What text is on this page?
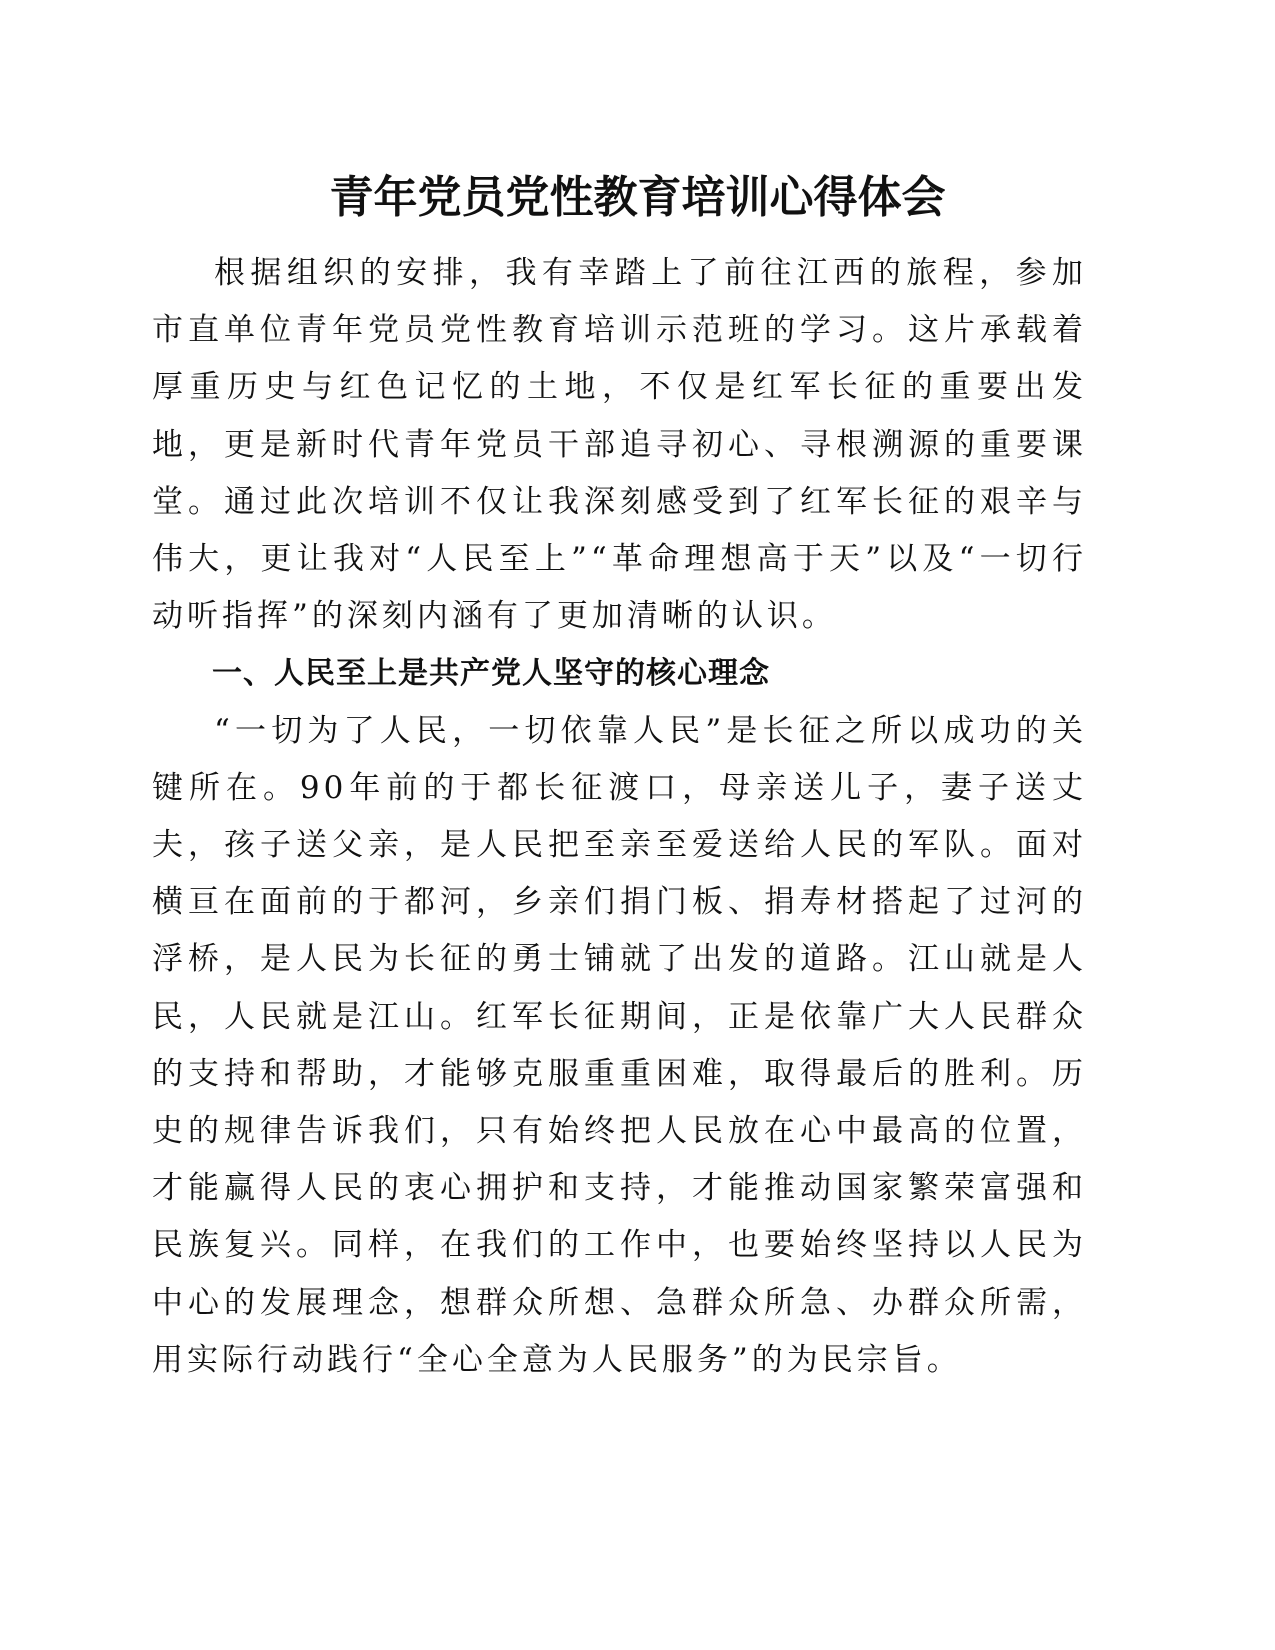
青年党员党性教育培训心得体会

根据组织的安排，我有幸踏上了前往江西的旅程，参加市直单位青年党员党性教育培训示范班的学习。这片承载着厚重历史与红色记忆的土地，不仅是红军长征的重要出发地，更是新时代青年党员干部追寻初心、寻根溯源的重要课堂。通过此次培训不仅让我深刻感受到了红军长征的艰辛与伟大，更让我对“人民至上”“革命理想高于天”以及“一切行动听指挥”的深刻内涵有了更加清晰的认识。

一、人民至上是共产党人坚守的核心理念

“一切为了人民，一切依靠人民”是长征之所以成功的关键所在。90年前的于都长征渡口，母亲送儿子，妻子送丈夫，孩子送父亲，是人民把至亲至爱送给人民的军队。面对横亘在面前的于都河，乡亲们捐门板、捐寿材搭起了过河的浮桥，是人民为长征的勇士铺就了出发的道路。江山就是人民，人民就是江山。红军长征期间，正是依靠广大人民群众的支持和帮助，才能够克服重重困难，取得最后的胜利。历史的规律告诉我们，只有始终把人民放在心中最高的位置，才能赢得人民的衷心拥护和支持，才能推动国家繁荣富强和民族复兴。同样，在我们的工作中，也要始终坚持以人民为中心的发展理念，想群众所想、急群众所急、办群众所需，用实际行动践行“全心全意为人民服务”的为民宗旨。
